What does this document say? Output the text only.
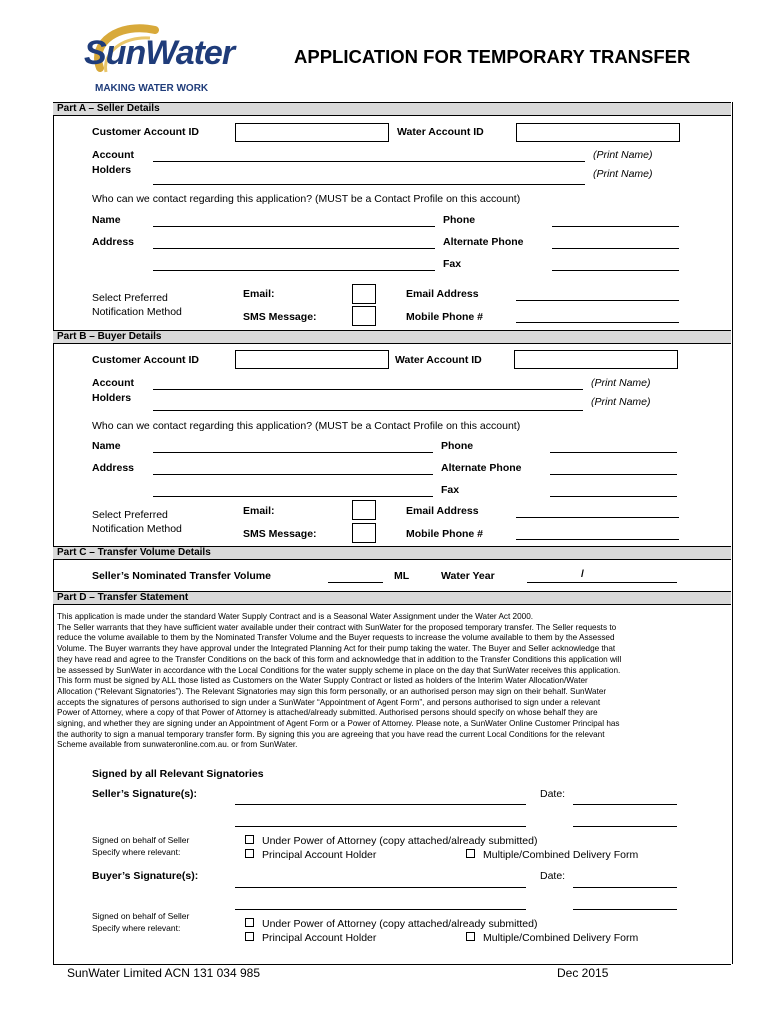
SunWater
MAKING WATER WORK
APPLICATION FOR TEMPORARY TRANSFER
Part A – Seller Details
Customer Account ID	Water Account ID
Account
Holders
(Print Name)
(Print Name)
Who can we contact regarding this application? (MUST be a Contact Profile on this account)
Name	Phone
Address	Alternate Phone
Fax
Select Preferred
Notification Method
Email:	Email Address
SMS Message:	Mobile Phone #
Part B – Buyer Details
Customer Account ID	Water Account ID
Account
Holders
(Print Name)
(Print Name)
Who can we contact regarding this application? (MUST be a Contact Profile on this account)
Name	Phone
Address	Alternate Phone
Fax
Select Preferred
Notification Method
Email:	Email Address
SMS Message:	Mobile Phone #
Part C – Transfer Volume Details
Seller’s Nominated Transfer Volume	ML	Water Year	/
Part D – Transfer Statement
This application is made under the standard Water Supply Contract and is a Seasonal Water Assignment under the Water Act 2000.
The Seller warrants that they have sufficient water available under their contract with SunWater for the proposed temporary transfer. The Seller requests to
reduce the volume available to them by the Nominated Transfer Volume and the Buyer requests to increase the volume available to them by the Assessed
Volume. The Buyer warrants they have approval under the Integrated Planning Act for their pump taking the water. The Buyer and Seller acknowledge that
they have read and agree to the Transfer Conditions on the back of this form and acknowledge that in addition to the Transfer Conditions this application will
be assessed by SunWater in accordance with the Local Conditions for the water supply scheme in place on the day that SunWater receives this application.
This form must be signed by ALL those listed as Customers on the Water Supply Contract or listed as holders of the Interim Water Allocation/Water
Allocation (“Relevant Signatories”). The Relevant Signatories may sign this form personally, or an authorised person may sign on their behalf. SunWater
accepts the signatures of persons authorised to sign under a SunWater “Appointment of Agent Form”, and persons authorised to sign under a relevant
Power of Attorney, where a copy of that Power of Attorney is attached/already submitted. Authorised persons should specify on whose behalf they are
signing, and whether they are signing under an Appointment of Agent Form or a Power of Attorney. Please note, a SunWater Online Customer Principal has
the authority to sign a manual temporary transfer form. By signing this you are agreeing that you have read the current Local Conditions for the relevant
Scheme available from sunwateronline.com.au. or from SunWater.
Signed by all Relevant Signatories
Seller’s Signature(s):	Date:
Signed on behalf of Seller
Specify where relevant:
Under Power of Attorney (copy attached/already submitted)
Principal Account Holder	Multiple/Combined Delivery Form
Buyer’s Signature(s):	Date:
Signed on behalf of Seller
Specify where relevant:	Under Power of Attorney (copy attached/already submitted)
Principal Account Holder	Multiple/Combined Delivery Form
SunWater Limited ACN 131 034 985	Dec 2015
